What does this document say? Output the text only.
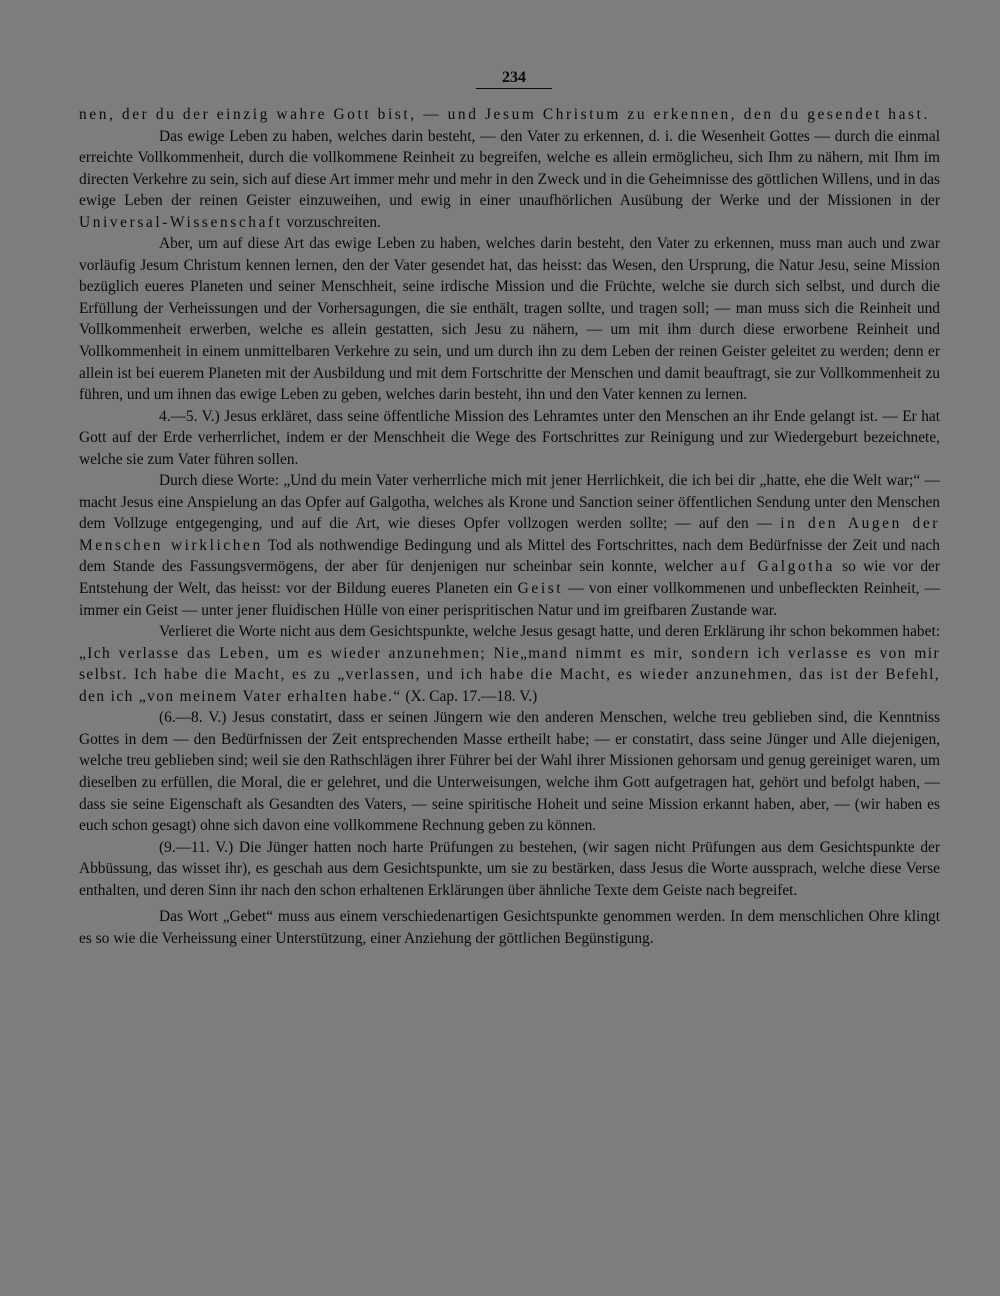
234

nen, der du der einzig wahre Gott bist, — und Jesum Christum zu erkennen, den du gesendet hast.

Das ewige Leben zu haben, welches darin besteht, — den Vater zu erkennen, d. i. die Wesenheit Gottes — durch die einmal erreichte Vollkommenheit, durch die vollkommene Reinheit zu begreifen, welche es allein ermöglicheu, sich Ihm zu nähern, mit Ihm im directen Verkehre zu sein, sich auf diese Art immer mehr und mehr in den Zweck und in die Geheimnisse des göttlichen Willens, und in das ewige Leben der reinen Geister einzuweihen, und ewig in einer unaufhörlichen Ausübung der Werke und der Missionen in der Universal-Wissenschaft vorzuschreiten.

Aber, um auf diese Art das ewige Leben zu haben, welches darin besteht, den Vater zu erkennen, muss man auch und zwar vorläufig Jesum Christum kennen lernen, den der Vater gesendet hat, das heisst: das Wesen, den Ursprung, die Natur Jesu, seine Mission bezüglich eueres Planeten und seiner Menschheit, seine irdische Mission und die Früchte, welche sie durch sich selbst, und durch die Erfüllung der Verheissungen und der Vorhersagungen, die sie enthält, tragen sollte, und tragen soll; — man muss sich die Reinheit und Vollkommenheit erwerben, welche es allein gestatten, sich Jesu zu nähern, — um mit ihm durch diese erworbene Reinheit und Vollkommenheit in einem unmittelbaren Verkehre zu sein, und um durch ihn zu dem Leben der reinen Geister geleitet zu werden; denn er allein ist bei euerem Planeten mit der Ausbildung und mit dem Fortschritte der Menschen und damit beauftragt, sie zur Vollkommenheit zu führen, und um ihnen das ewige Leben zu geben, welches darin besteht, ihn und den Vater kennen zu lernen.

4.—5. V.) Jesus erkläret, dass seine öffentliche Mission des Lehramtes unter den Menschen an ihr Ende gelangt ist. — Er hat Gott auf der Erde verherrlichet, indem er der Menschheit die Wege des Fortschrittes zur Reinigung und zur Wiedergeburt bezeichnete, welche sie zum Vater führen sollen.

Durch diese Worte: „Und du mein Vater verherrliche mich mit jener Herrlichkeit, die ich bei dir „hatte, ehe die Welt war;“ — macht Jesus eine Anspielung an das Opfer auf Galgotha, welches als Krone und Sanction seiner öffentlichen Sendung unter den Menschen dem Vollzuge entgegenging, und auf die Art, wie dieses Opfer vollzogen werden sollte; — auf den — in den Augen der Menschen wirklichen Tod als nothwendige Bedingung und als Mittel des Fortschrittes, nach dem Bedürfnisse der Zeit und nach dem Stande des Fassungsvermögens, der aber für denjenigen nur scheinbar sein konnte, welcher auf Galgotha so wie vor der Entstehung der Welt, das heisst: vor der Bildung eueres Planeten ein Geist — von einer vollkommenen und unbefleckten Reinheit, — immer ein Geist — unter jener fluidischen Hülle von einer perispritischen Natur und im greifbaren Zustande war.

Verlieret die Worte nicht aus dem Gesichtspunkte, welche Jesus gesagt hatte, und deren Erklärung ihr schon bekommen habet: „Ich verlasse das Leben, um es wieder anzunehmen; Nie„mand nimmt es mir, sondern ich verlasse es von mir selbst. Ich habe die Macht, es zu „verlassen, und ich habe die Macht, es wieder anzunehmen, das ist der Befehl, den ich „von meinem Vater erhalten habe.“ (X. Cap. 17.—18. V.)

(6.—8. V.) Jesus constatirt, dass er seinen Jüngern wie den anderen Menschen, welche treu geblieben sind, die Kenntniss Gottes in dem — den Bedürfnissen der Zeit entsprechenden Masse ertheilt habe; — er constatirt, dass seine Jünger und Alle diejenigen, welche treu geblieben sind; weil sie den Rathschlägen ihrer Führer bei der Wahl ihrer Missionen gehorsam und genug gereiniget waren, um dieselben zu erfüllen, die Moral, die er gelehret, und die Unterweisungen, welche ihm Gott aufgetragen hat, gehört und befolgt haben, — dass sie seine Eigenschaft als Gesandten des Vaters, — seine spiritische Hoheit und seine Mission erkannt haben, aber, — (wir haben es euch schon gesagt) ohne sich davon eine vollkommene Rechnung geben zu können.

(9.—11. V.) Die Jünger hatten noch harte Prüfungen zu bestehen, (wir sagen nicht Prüfungen aus dem Gesichtspunkte der Abbüssung, das wisset ihr), es geschah aus dem Gesichtspunkte, um sie zu bestärken, dass Jesus die Worte aussprach, welche diese Verse enthalten, und deren Sinn ihr nach den schon erhaltenen Erklärungen über ähnliche Texte dem Geiste nach begreifet.

Das Wort „Gebet“ muss aus einem verschiedenartigen Gesichtspunkte genommen werden. In dem menschlichen Ohre klingt es so wie die Verheissung einer Unterstützung, einer Anziehung der göttlichen Begünstigung.
